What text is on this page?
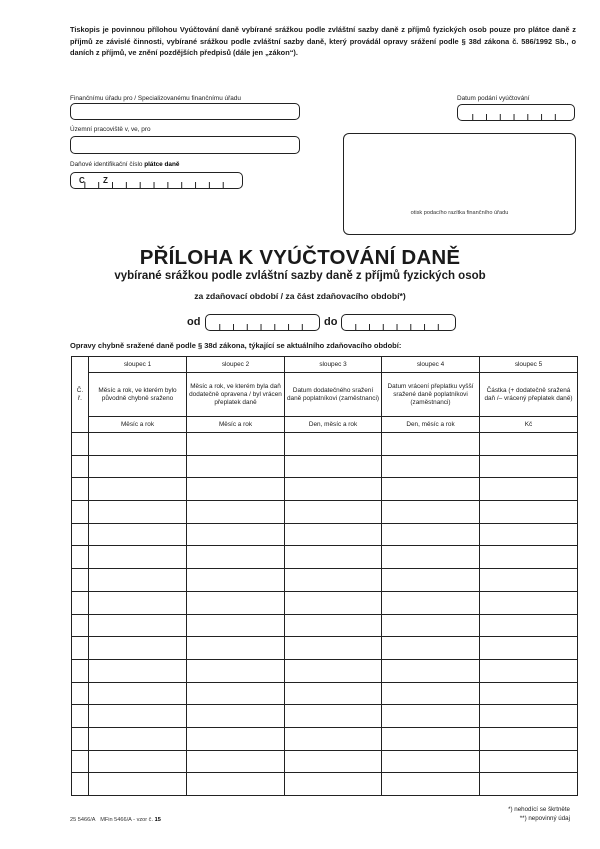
Tiskopis je povinnou přílohou Vyúčtování daně vybírané srážkou podle zvláštní sazby daně z příjmů fyzických osob pouze pro plátce daně z příjmů ze závislé činnosti, vybírané srážkou podle zvláštní sazby daně, který provádál opravy srážení podle § 38d zákona č. 586/1992 Sb., o daních z příjmů, ve znění pozdějších předpisů (dále jen „zákon“).
Finančnímu úřadu pro / Specializovanému finančnímu úřadu	Datum podání vyúčtování
Územní pracoviště v, ve, pro
Daňové identifikační číslo plátce daně
C Z
otisk podacího razítka finančního úřadu
PŘÍLOHA K VYÚČTOVÁNÍ DANĚ
vybírané srážkou podle zvláštní sazby daně z příjmů fyzických osob
za zdaňovací období / za část zdaňovacího období*)
od	do
Opravy chybně sražené daně podle § 38d zákona, týkající se aktuálního zdaňovacího období:
Č. ř.	sloupec 1	sloupec 2	sloupec 3	sloupec 4	sloupec 5
	Měsíc a rok, ve kterém bylo původně chybně sraženo	Měsíc a rok, ve kterém byla daň dodatečně opravena / byl vrácen přeplatek daně	Datum dodatečného sražení daně poplatníkovi (zaměstnanci)	Datum vrácení přeplatku vyšší sražené daně poplatníkovi (zaměstnanci)	Částka (+ dodatečně sražená daň /– vrácený přeplatek daně)
	Měsíc a rok	Měsíc a rok	Den, měsíc a rok	Den, měsíc a rok	Kč

*) nehodící se škrtněte
**) nepovinný údaj
25 5466/A MFin 5466/A - vzor č. 15
